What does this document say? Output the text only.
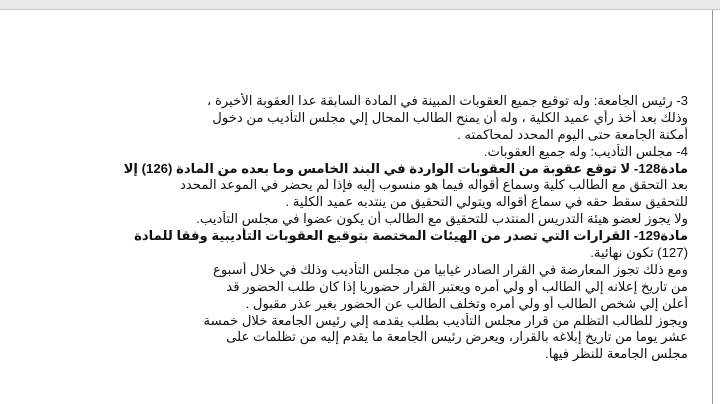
3- رئيس الجامعة: وله توقيع جميع العقوبات المبينة في المادة السابقة عدا العقوبة الأخيرة ،
وذلك بعد أخذ رأي عميد الكلية ، وله أن يمنح الطالب المحال إلي مجلس التأديب من دخول
أمكنة الجامعة حتى اليوم المحدد لمحاكمته .
4- مجلس التأديب: وله جميع العقوبات.
مادة128- لا توقع عقوبة من العقوبات الواردة في البند الخامس وما بعده من المادة (126) إلا
بعد التحقق مع الطالب كلية وسماع أقواله فيما هو منسوب إليه فإذا لم يحضر في الموعد المحدد
للتحقيق سقط حقه في سماع أقواله ويتولي التحقيق من ينتدبه عميد الكلية .
ولا يجوز لعضو هيئة التدريس المنتدب للتحقيق مع الطالب أن يكون عضوا في مجلس التأديب.
مادة129- القرارات التي تصدر من الهيئات المختصة بتوقيع العقوبات التأديبية وفقا للمادة
(127) تكون نهائية.
ومع ذلك تجوز المعارضة في القرار الصادر غيابيا من مجلس التأديب وذلك في خلال أسبوع
من تاريخ إعلانه إلي الطالب أو ولي أمره ويعتبر القرار حضوريا إذا كان طلب الحضور قد
أعلن إلي شخص الطالب أو ولي أمره وتخلف الطالب عن الحضور بغير عذر مقبول .
ويجوز للطالب التظلم من قرار مجلس التأديب بطلب يقدمه إلي رئيس الجامعة خلال خمسة
عشر يوما من تاريخ إبلاغه بالقرار، ويعرض رئيس الجامعة ما يقدم إليه من تظلمات على
مجلس الجامعة للنظر فيها.
